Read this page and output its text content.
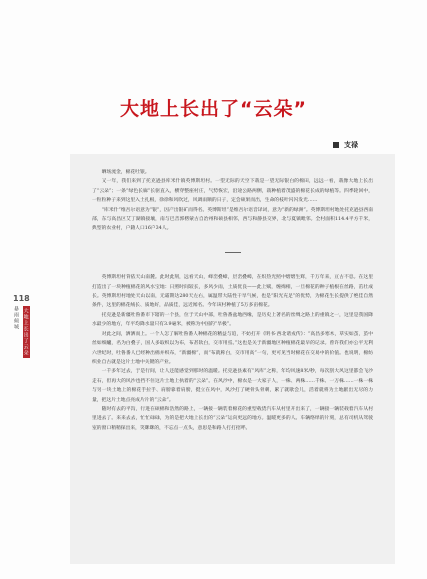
大地上长出了“云朵”
支禄

晒场流金，棉花吐银。

又一年，我们来到了托克逊县库米什镇英博斯坦村。一望无际的天空下栽是一望无际银白的棉田，远远一看，栽像大地上长出了“云朵”；一条“绿色长廊”长驱直入，横穿整座村庄，气势恢宏，沿途公路两侧，栽种植着茂盛的棉花长成的绿植等。四季轮回中，一粒粒种子来到这里入土扎根，徐徐和风吹过，风调雨顺的日子，定会硕果而出，生命的枝叶闪闪发光……

“库米什”维吾尔语意为“银”，因产出银矿而得名。英博斯坦”是维吾尔语音译词，意为“新的绿洲”。英博斯坦村地处托克逊县西南部，东与高昌区艾丁湖镇接壤，南与巴音郭楞蒙古自治州和硕县相邻，西与和静县交界，北与夏镇毗邻。全村面积114.4平方千米，典型的农业村，户籍人口16户34人。

英博斯坦村背依天山南麓。此时此刻，远看天山，峰峦叠嶂，层峦叠嶂，在炽热光照中熠熠生辉，千万年来，亘古不息。在这里打造出了一块种植棉花的风水宝地：日照时间较长，多风少雨，土质优良——此上赋，缠绵相，一旦棉花的种子植根在丝路，茁壮成长。英博斯坦村地处天山以南，无霜期达280天左右，属温带大陆性干旱气候，也是“阳光充足”的优势，为棉花生长提供了绝佳自然条件，这里的棉花绒长、质地好，品质佳，远近闻名。今年该村种植了5万多亩棉花。

托克逊是新疆吐鲁番市下辖的一个县，位于天山中部，吐鲁番盆地西缘，是历史上著名的丝绸之路上的重镇之一，这里是我国降水最少的地方，年平均降水量只有3.9毫米，被称为中国的“旱极”。

对此之间，洒洒而上。一个人怎了解吐鲁番人种棉花的精益与追，不妨打开《明书·西北诸戎传》：“高昌多寒木，草实如茧，茧中丝如细纑，名为白叠子，国人多取织以为布，布甚软白，交市用焉。”这也是关于新疆地区种植棉花最早的记录。曾许我们亦公平无利六世纪时，吐鲁番人已经种出棉并织布，“新疆棉”，而“布就称白，交市用高”一句，更可见当时棉花在交易中的价值。也说明，棉纺织业自古就是这片土地中关键的产业。

一千多年过去，于是行间，让人还能感觉到那时的温暖。托克逊县素有“风库”之称，年均风速8米/秒，每次刮大风这里都会飞沙走石，但再大的风沙也挡不住这片土地上执着的“云朵”。在风沙中，棉农是一大家子人，一株、两株……千株、一万株……一株一株与另一块土地上的棉花手拉手、肩膀靠着肩膀，挺立在风中，风沙打了硬骨头骨刺，累了就歇会儿，活着就将为土地献出无尽的力量，把这片土地点亮成片片的“云朵”。

随时有去的平沟，行进在硕棉和浩然的路上，一辆接一辆装着棉花的重型载货汽车从村里开出来了，一辆接一辆装载着汽车从村里进去了。来来去去，忙忙碌碌，为的是把大地上长出的“云朵”运向更远的地方。温暖更多的人。车辆络绎的片刻，总有司机从驾驶室的窗口稍稍探出来，笑眯眯的，不忘点一点头，意思是和路人打打招呼。

118
暴雨倾城 大地上长出了云朵
